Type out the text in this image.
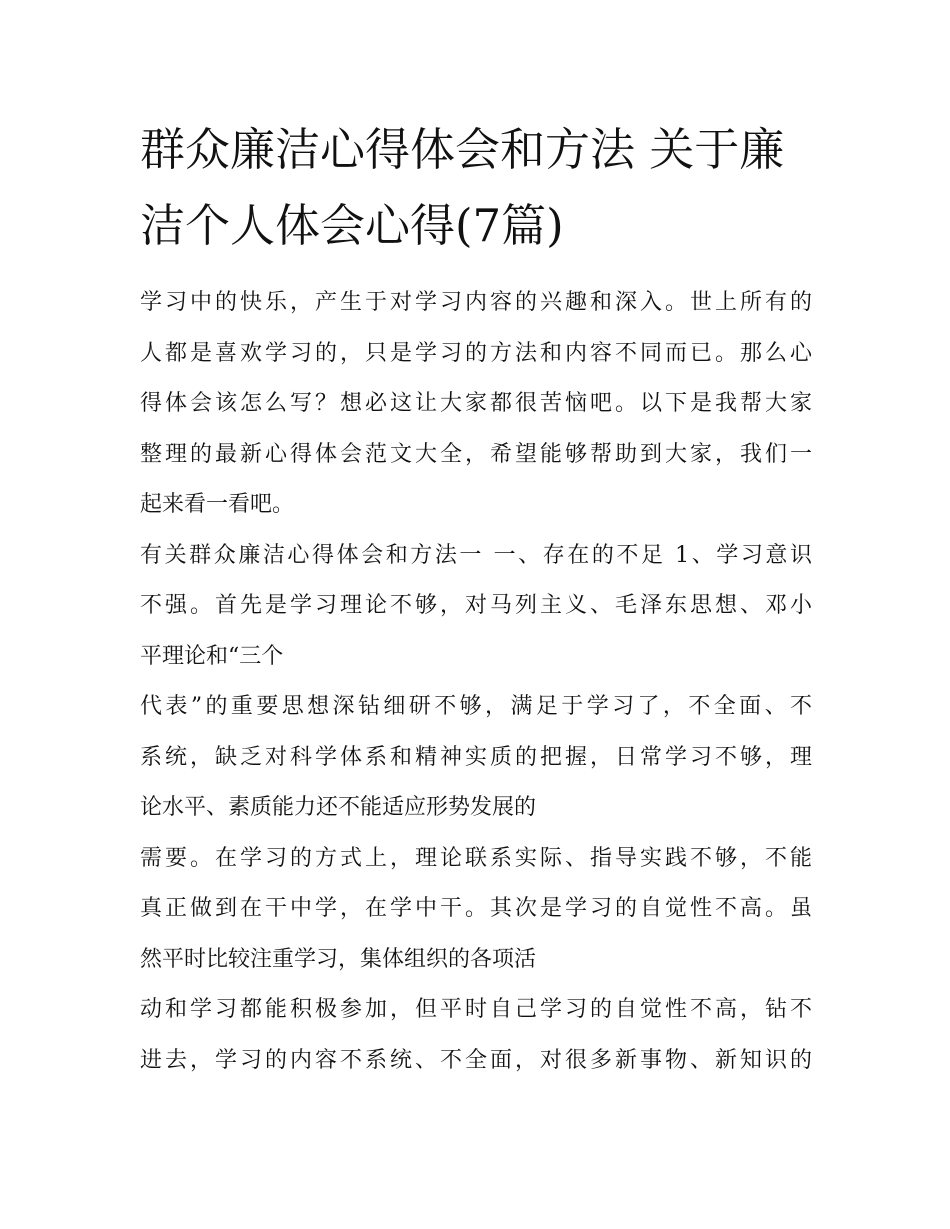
群众廉洁心得体会和方法 关于廉洁个人体会心得(7篇)
学习中的快乐，产生于对学习内容的兴趣和深入。世上所有的
人都是喜欢学习的，只是学习的方法和内容不同而已。那么心
得体会该怎么写？想必这让大家都很苦恼吧。以下是我帮大家
整理的最新心得体会范文大全，希望能够帮助到大家，我们一
起来看一看吧。
有关群众廉洁心得体会和方法一 一、存在的不足 1、学习意识
不强。首先是学习理论不够，对马列主义、毛泽东思想、邓小
平理论和“三个
代表”的重要思想深钻细研不够，满足于学习了，不全面、不
系统，缺乏对科学体系和精神实质的把握，日常学习不够，理
论水平、素质能力还不能适应形势发展的
需要。在学习的方式上，理论联系实际、指导实践不够，不能
真正做到在干中学，在学中干。其次是学习的自觉性不高。虽
然平时比较注重学习，集体组织的各项活
动和学习都能积极参加，但平时自己学习的自觉性不高，钻不
进去，学习的内容不系统、不全面，对很多新事物、新知识的
